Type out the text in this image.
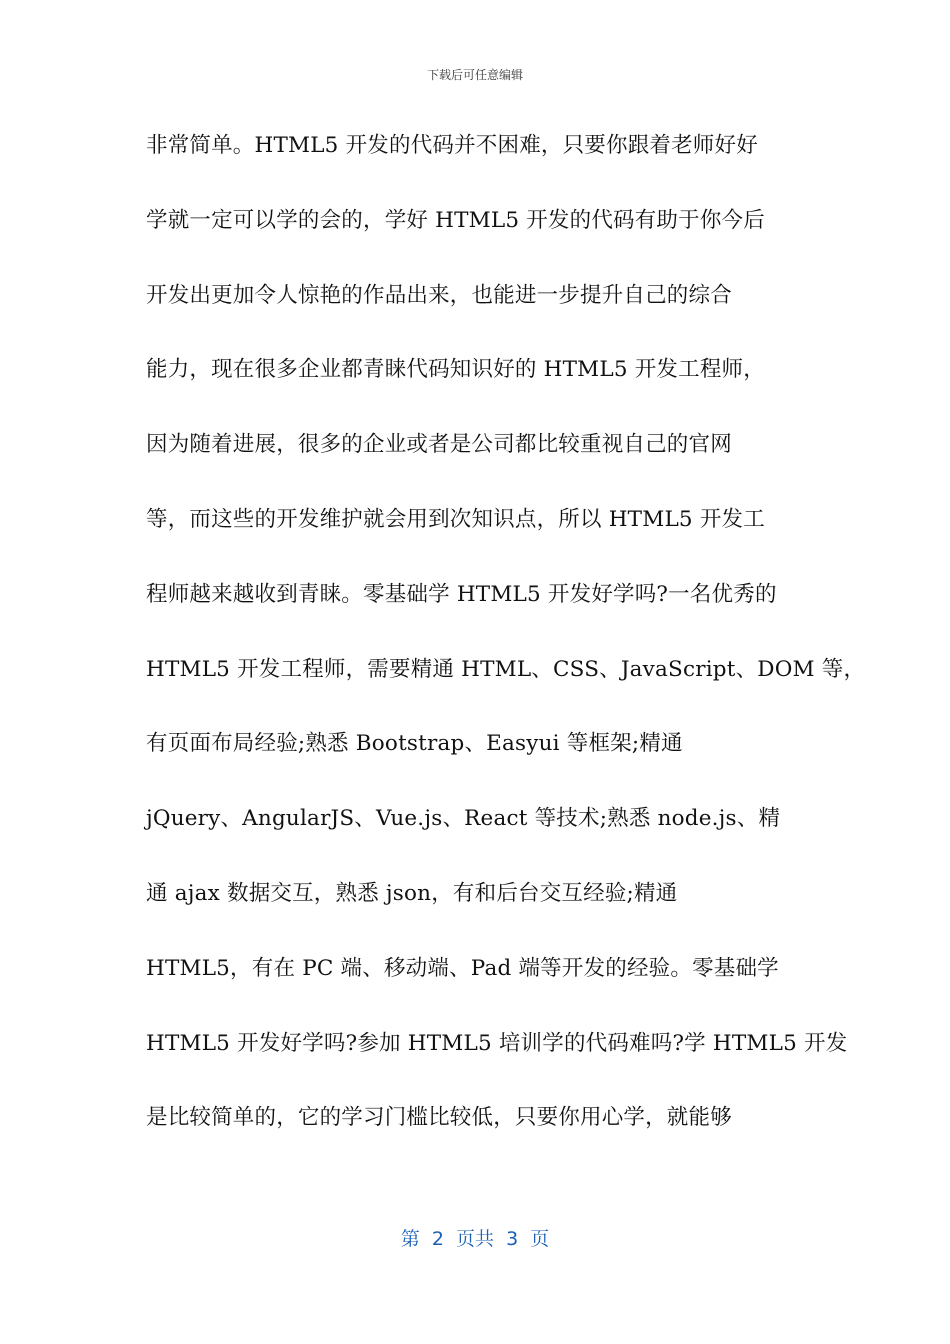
下载后可任意编辑
非常简单。HTML5 开发的代码并不困难，只要你跟着老师好好
学就一定可以学的会的，学好 HTML5 开发的代码有助于你今后
开发出更加令人惊艳的作品出来，也能进一步提升自己的综合
能力，现在很多企业都青睐代码知识好的 HTML5 开发工程师，
因为随着进展，很多的企业或者是公司都比较重视自己的官网
等，而这些的开发维护就会用到次知识点，所以 HTML5 开发工
程师越来越收到青睐。零基础学 HTML5 开发好学吗?一名优秀的
HTML5 开发工程师，需要精通 HTML、CSS、JavaScript、DOM 等，
有页面布局经验;熟悉 Bootstrap、Easyui 等框架;精通
jQuery、AngularJS、Vue.js、React 等技术;熟悉 node.js、精
通 ajax 数据交互，熟悉 json，有和后台交互经验;精通
HTML5，有在 PC 端、移动端、Pad 端等开发的经验。零基础学
HTML5 开发好学吗?参加 HTML5 培训学的代码难吗?学 HTML5 开发
是比较简单的，它的学习门槛比较低，只要你用心学，就能够
第  2  页共  3  页
